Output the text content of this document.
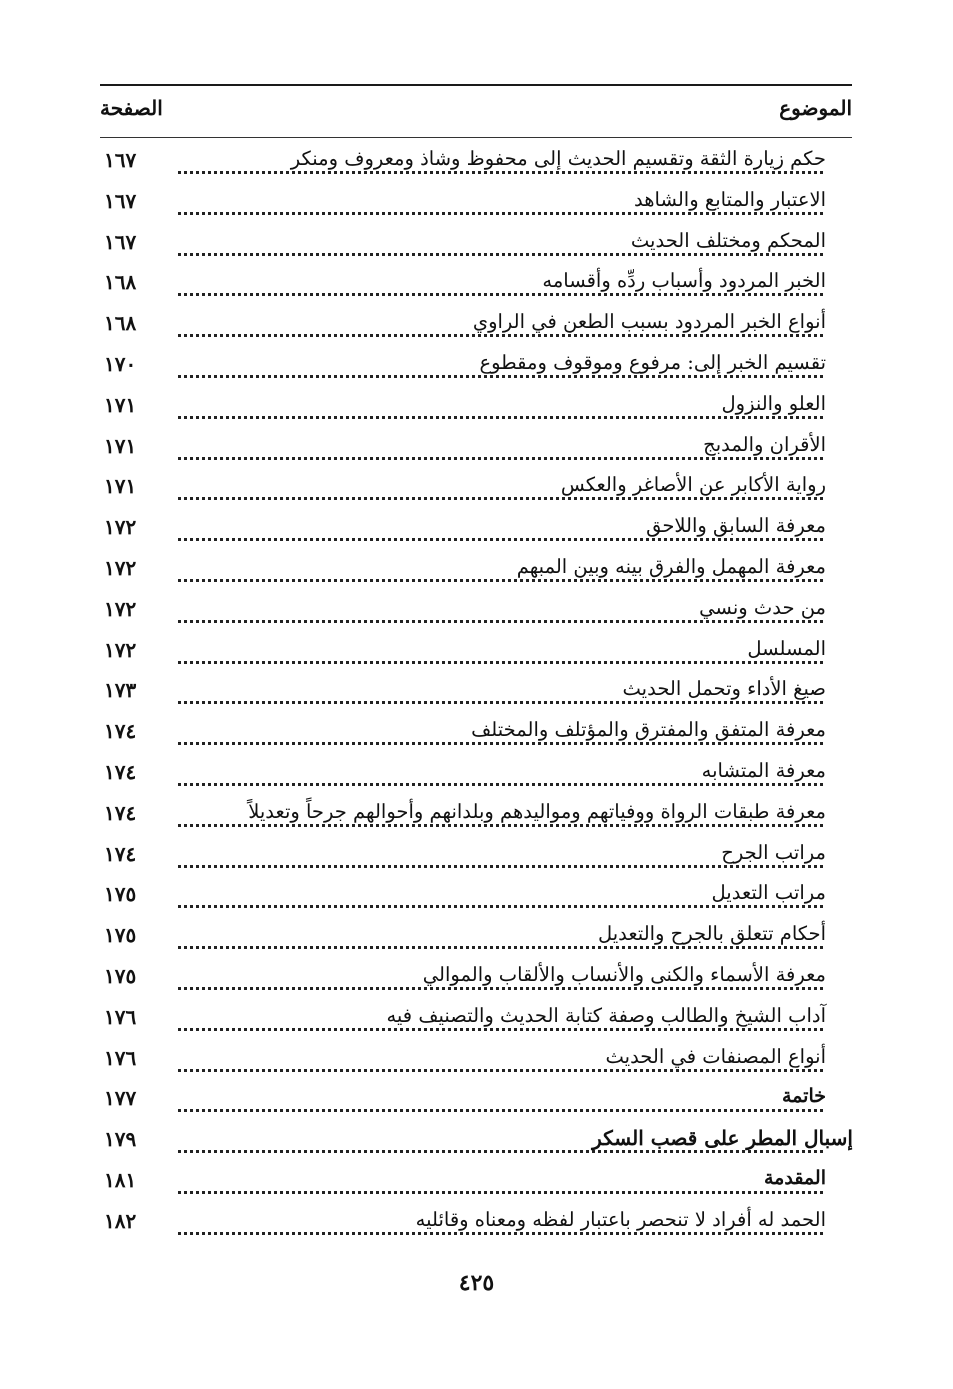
الموضوع
الصفحة
حكم زيارة الثقة وتقسيم الحديث إلى محفوظ وشاذ ومعروف ومنكر
١٦٧
الاعتبار والمتابع والشاهد
١٦٧
المحكم ومختلف الحديث
١٦٧
الخبر المردود وأسباب ردِّه وأقسامه
١٦٨
أنواع الخبر المردود بسبب الطعن في الراوي
١٦٨
تقسيم الخبر إلى: مرفوع وموقوف ومقطوع
١٧٠
العلو والنزول
١٧١
الأقران والمدبج
١٧١
رواية الأكابر عن الأصاغر والعكس
١٧١
معرفة السابق واللاحق
١٧٢
معرفة المهمل والفرق بينه وبين المبهم
١٧٢
من حدث ونسي
١٧٢
المسلسل
١٧٢
صيغ الأداء وتحمل الحديث
١٧٣
معرفة المتفق والمفترق والمؤتلف والمختلف
١٧٤
معرفة المتشابه
١٧٤
معرفة طبقات الرواة ووفياتهم ومواليدهم وبلدانهم وأحوالهم جرحاً وتعديلاً
١٧٤
مراتب الجرح
١٧٤
مراتب التعديل
١٧٥
أحكام تتعلق بالجرح والتعديل
١٧٥
معرفة الأسماء والكنى والأنساب والألقاب والموالي
١٧٥
آداب الشيخ والطالب وصفة كتابة الحديث والتصنيف فيه
١٧٦
أنواع المصنفات في الحديث
١٧٦
خاتمة
١٧٧
إسبال المطر على قصب السكر
١٧٩
المقدمة
١٨١
الحمد له أفراد لا تنحصر باعتبار لفظه ومعناه وقائليه
١٨٢
٤٢٥
